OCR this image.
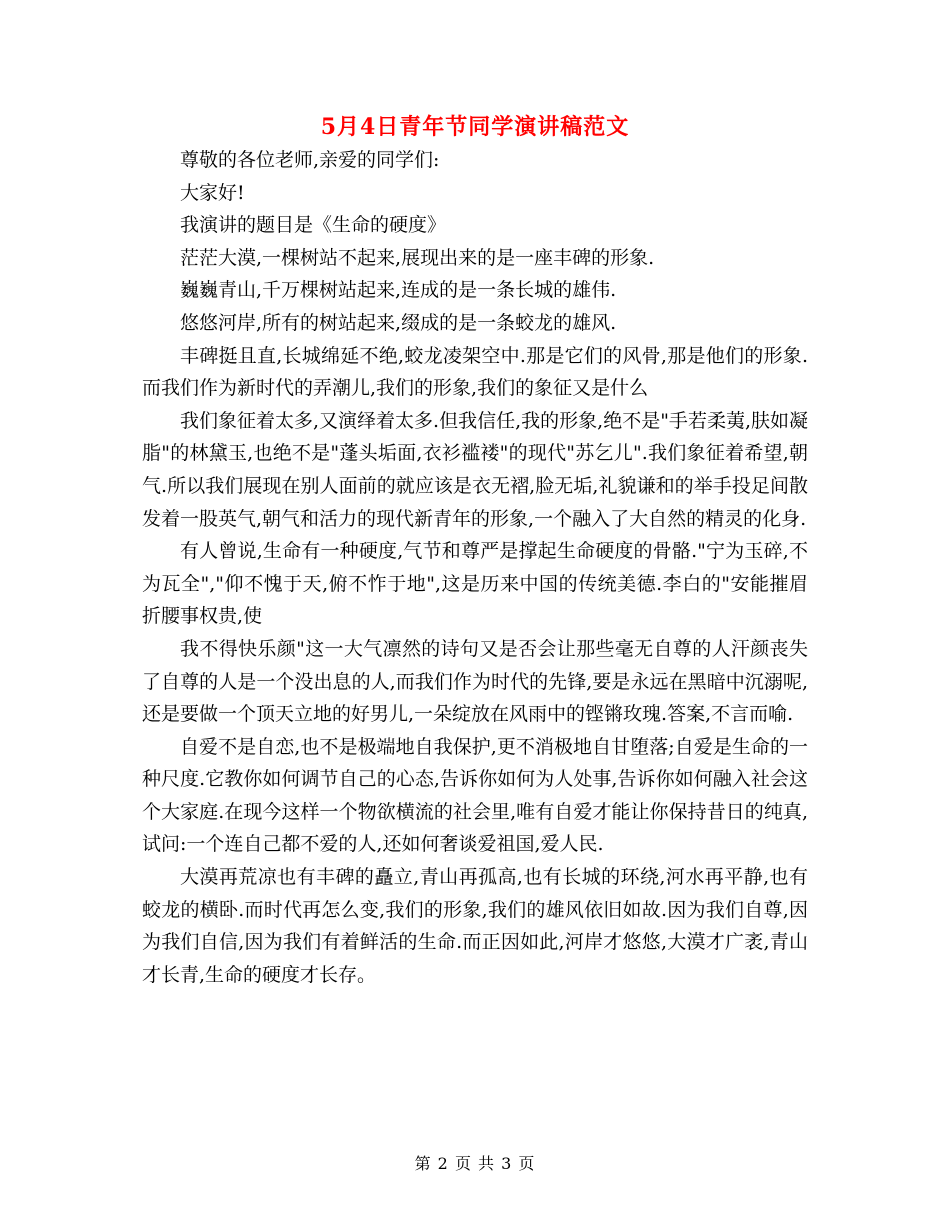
5月4日青年节同学演讲稿范文

尊敬的各位老师,亲爱的同学们:

大家好!

我演讲的题目是《生命的硬度》

茫茫大漠,一棵树站不起来,展现出来的是一座丰碑的形象.

巍巍青山,千万棵树站起来,连成的是一条长城的雄伟.

悠悠河岸,所有的树站起来,缀成的是一条蛟龙的雄风.

丰碑挺且直,长城绵延不绝,蛟龙凌架空中.那是它们的风骨,那是他们的形象.而我们作为新时代的弄潮儿,我们的形象,我们的象征又是什么

我们象征着太多,又演绎着太多.但我信任,我的形象,绝不是"手若柔荑,肤如凝脂"的林黛玉,也绝不是"蓬头垢面,衣衫褴褛"的现代"苏乞儿".我们象征着希望,朝气.所以我们展现在别人面前的就应该是衣无褶,脸无垢,礼貌谦和的举手投足间散发着一股英气,朝气和活力的现代新青年的形象,一个融入了大自然的精灵的化身.

有人曾说,生命有一种硬度,气节和尊严是撑起生命硬度的骨骼."宁为玉碎,不为瓦全","仰不愧于天,俯不怍于地",这是历来中国的传统美德.李白的"安能摧眉折腰事权贵,使

我不得快乐颜"这一大气凛然的诗句又是否会让那些毫无自尊的人汗颜丧失了自尊的人是一个没出息的人,而我们作为时代的先锋,要是永远在黑暗中沉溺呢,还是要做一个顶天立地的好男儿,一朵绽放在风雨中的铿锵玫瑰.答案,不言而喻.

自爱不是自恋,也不是极端地自我保护,更不消极地自甘堕落;自爱是生命的一种尺度.它教你如何调节自己的心态,告诉你如何为人处事,告诉你如何融入社会这个大家庭.在现今这样一个物欲横流的社会里,唯有自爱才能让你保持昔日的纯真,试问:一个连自己都不爱的人,还如何奢谈爱祖国,爱人民.

大漠再荒凉也有丰碑的矗立,青山再孤高,也有长城的环绕,河水再平静,也有蛟龙的横卧.而时代再怎么变,我们的形象,我们的雄风依旧如故.因为我们自尊,因为我们自信,因为我们有着鲜活的生命.而正因如此,河岸才悠悠,大漠才广袤,青山才长青,生命的硬度才长存。

第 2 页 共 3 页
